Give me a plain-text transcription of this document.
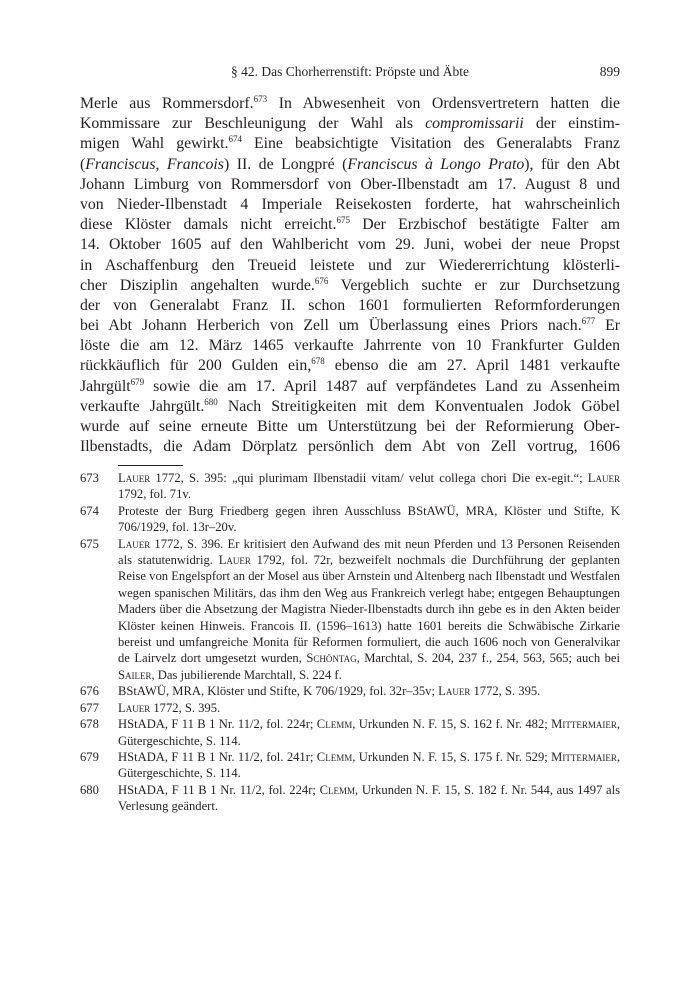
§ 42. Das Chorherrenstift: Pröpste und Äbte	899
Merle aus Rommersdorf.$^{673}$ In Abwesenheit von Ordensvertretern hatten die
Kommissare zur Beschleunigung der Wahl als compromissarii der einstim-
migen Wahl gewirkt.$^{674}$ Eine beabsichtigte Visitation des Generalabts Franz
(Franciscus, Francois) II. de Longpré (Franciscus à Longo Prato), für den Abt
Johann Limburg von Rommersdorf von Ober-Ilbenstadt am 17. August 8 und
von Nieder-Ilbenstadt 4 Imperiale Reisekosten forderte, hat wahrscheinlich
diese Klöster damals nicht erreicht.$^{675}$ Der Erzbischof bestätigte Falter am
14. Oktober 1605 auf den Wahlbericht vom 29. Juni, wobei der neue Propst
in Aschaffenburg den Treueid leistete und zur Wiedererrichtung klösterli-
cher Disziplin angehalten wurde.$^{676}$ Vergeblich suchte er zur Durchsetzung
der von Generalabt Franz II. schon 1601 formulierten Reformforderungen
bei Abt Johann Herberich von Zell um Überlassung eines Priors nach.$^{677}$ Er
löste die am 12. März 1465 verkaufte Jahrrente von 10 Frankfurter Gulden
rückkäuflich für 200 Gulden ein,$^{678}$ ebenso die am 27. April 1481 verkaufte
Jahrgült$^{679}$ sowie die am 17. April 1487 auf verpfändetes Land zu Assenheim
verkaufte Jahrgült.$^{680}$ Nach Streitigkeiten mit dem Konventualen Jodok Göbel
wurde auf seine erneute Bitte um Unterstützung bei der Reformierung Ober-
Ilbenstadts, die Adam Dörplatz persönlich dem Abt von Zell vortrug, 1606
673 Lauer 1772, S. 395: „qui plurimam Ilbenstadii vitam/ velut collega chori Die ex-egit.“; Lauer 1792, fol. 71v.
674 Proteste der Burg Friedberg gegen ihren Ausschluss BStAWÜ, MRA, Klöster und Stifte, K 706/1929, fol. 13r–20v.
675 Lauer 1772, S. 396. Er kritisiert den Aufwand des mit neun Pferden und 13 Personen Reisenden als statutenwidrig. Lauer 1792, fol. 72r, bezweifelt nochmals die Durchführung der geplanten Reise von Engelspfort an der Mosel aus über Arnstein und Altenberg nach Ilbenstadt und Westfalen wegen spanischen Militärs, das ihm den Weg aus Frankreich verlegt habe; entgegen Behauptungen Maders über die Absetzung der Magistra Nieder-Ilbenstadts durch ihn gebe es in den Akten beider Klöster keinen Hinweis. Francois II. (1596–1613) hatte 1601 bereits die Schwäbische Zirkarie bereist und umfangreiche Monita für Reformen formuliert, die auch 1606 noch von Generalvikar de Lairvelz dort umgesetzt wurden, Schöntag, Marchtal, S. 204, 237 f., 254, 563, 565; auch bei Sailer, Das jubilierende Marchtall, S. 224 f.
676 BStAWÜ, MRA, Klöster und Stifte, K 706/1929, fol. 32r–35v; Lauer 1772, S. 395.
677 Lauer 1772, S. 395.
678 HStADA, F 11 B 1 Nr. 11/2, fol. 224r; Clemm, Urkunden N. F. 15, S. 162 f. Nr. 482; Mittermaier, Gütergeschichte, S. 114.
679 HStADA, F 11 B 1 Nr. 11/2, fol. 241r; Clemm, Urkunden N. F. 15, S. 175 f. Nr. 529; Mittermaier, Gütergeschichte, S. 114.
680 HStADA, F 11 B 1 Nr. 11/2, fol. 224r; Clemm, Urkunden N. F. 15, S. 182 f. Nr. 544, aus 1497 als Verlesung geändert.
